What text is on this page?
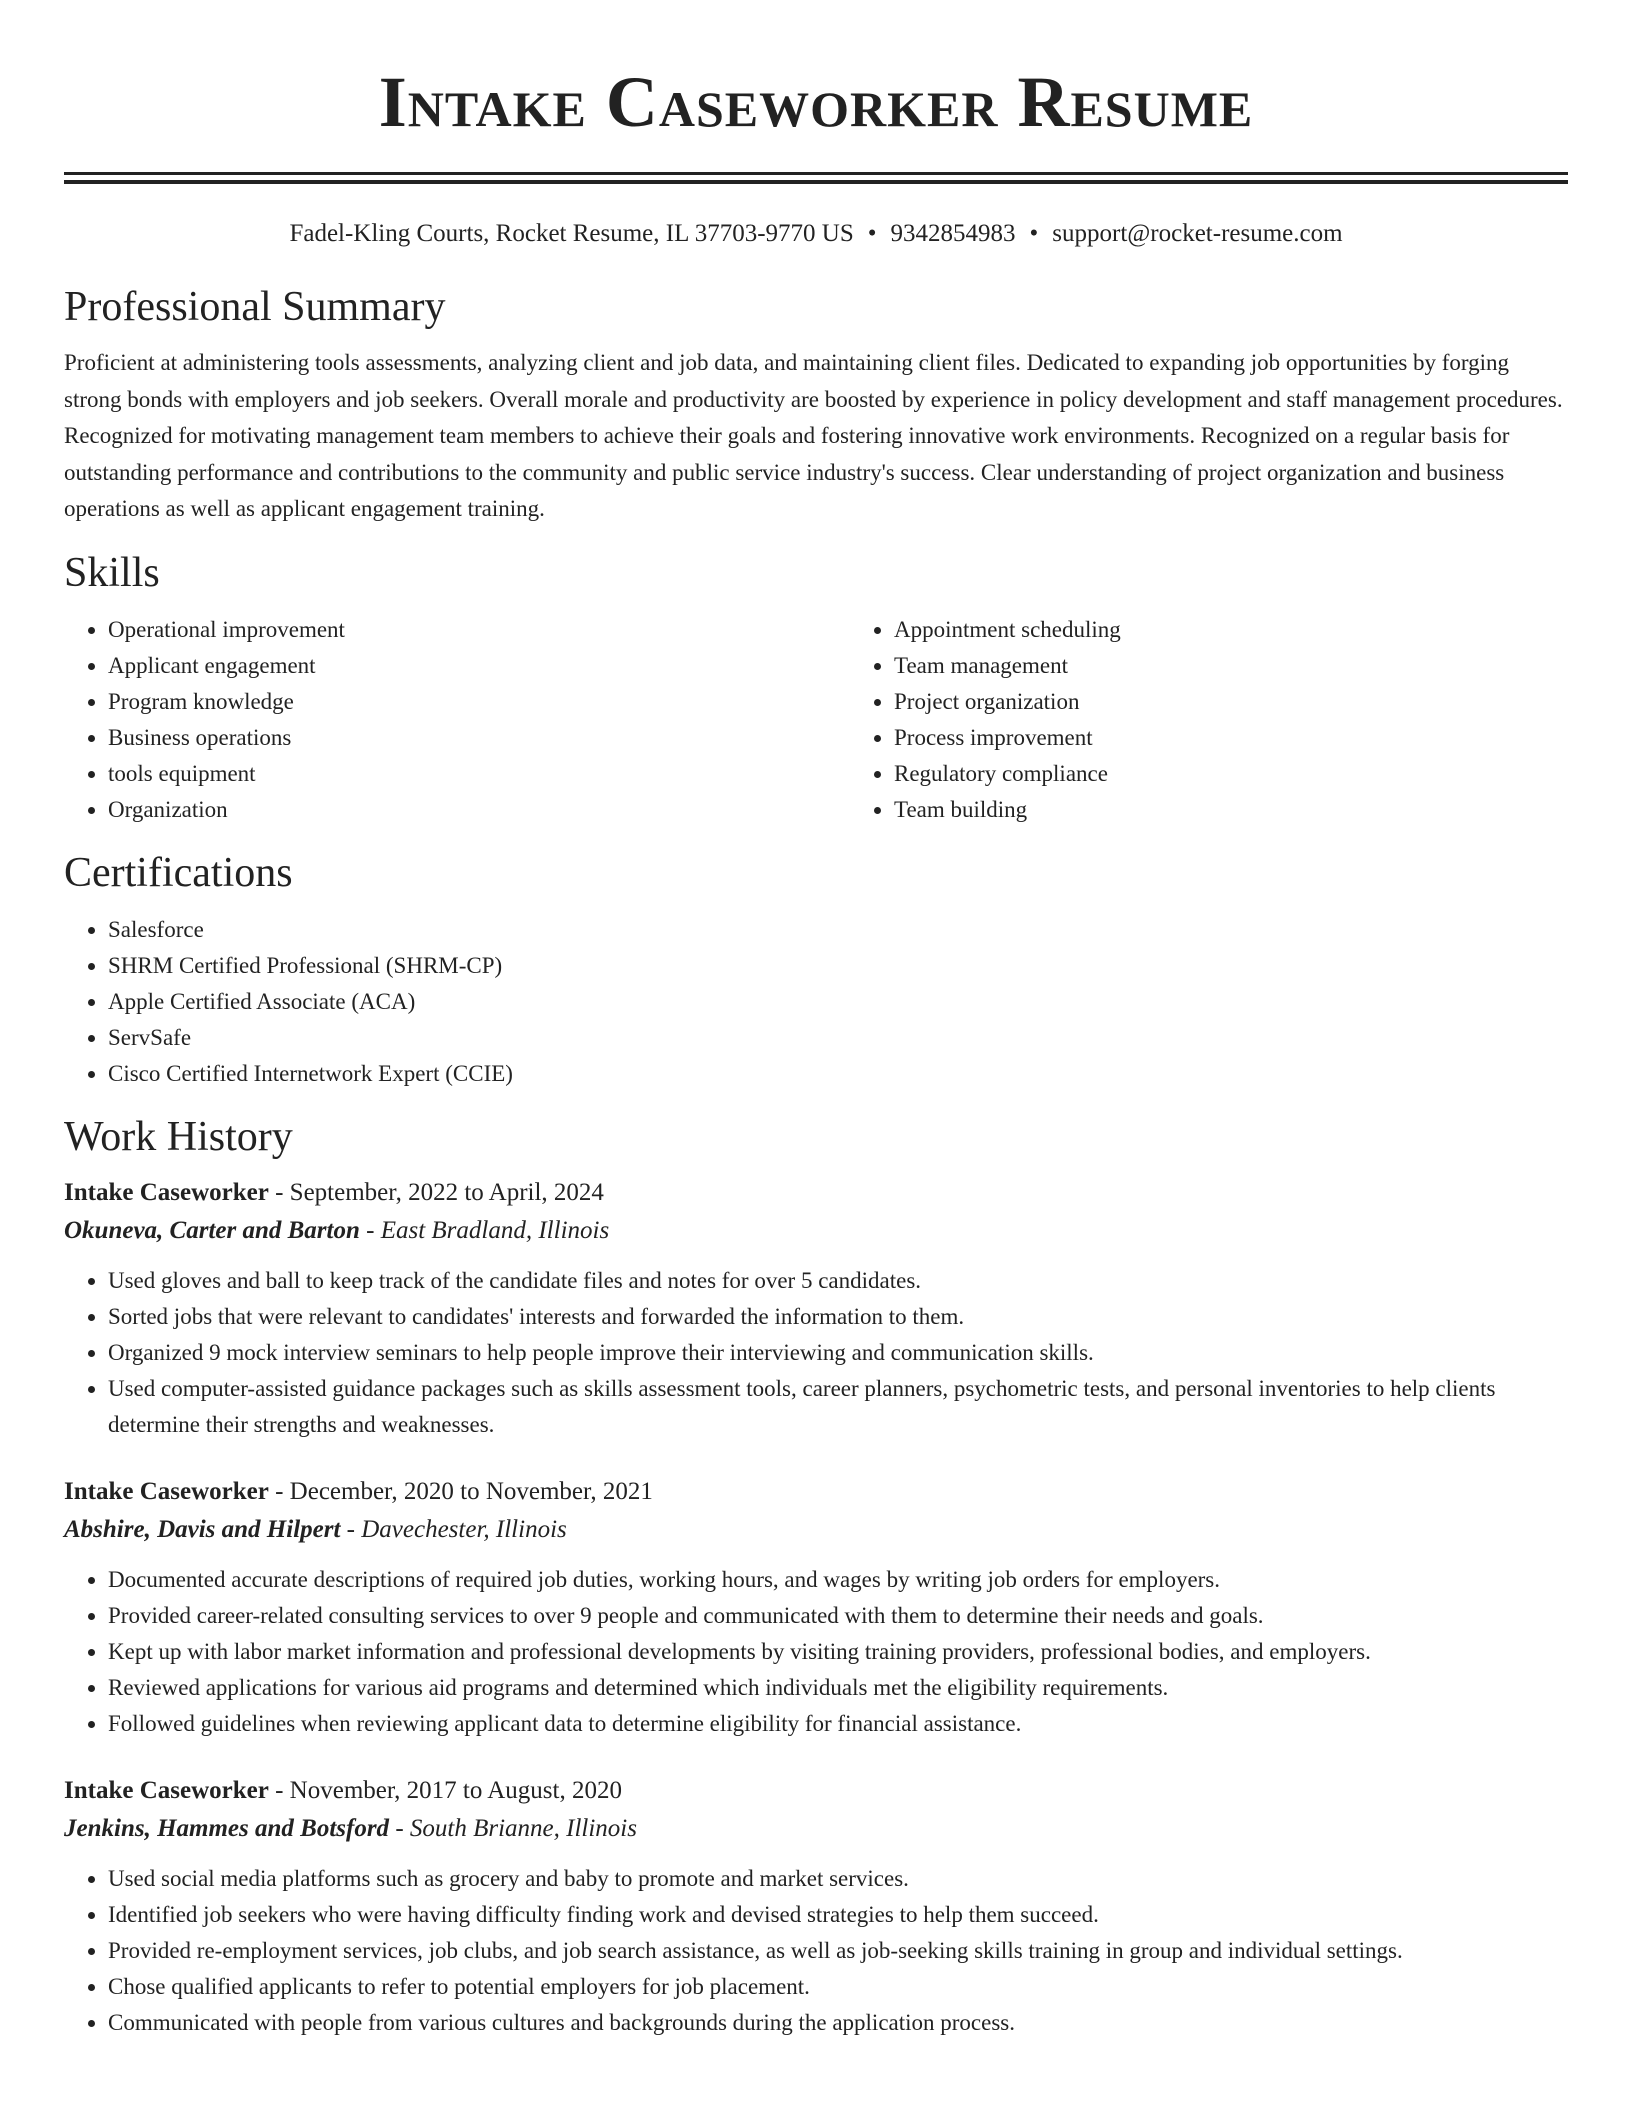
Intake Caseworker Resume
Fadel-Kling Courts, Rocket Resume, IL 37703-9770 US • 9342854983 • support@rocket-resume.com
Professional Summary

Proficient at administering tools assessments, analyzing client and job data, and maintaining client files. Dedicated to expanding job opportunities by forging strong bonds with employers and job seekers. Overall morale and productivity are boosted by experience in policy development and staff management procedures. Recognized for motivating management team members to achieve their goals and fostering innovative work environments. Recognized on a regular basis for outstanding performance and contributions to the community and public service industry's success. Clear understanding of project organization and business operations as well as applicant engagement training.

Skills
• Operational improvement
• Applicant engagement
• Program knowledge
• Business operations
• tools equipment
• Organization
• Appointment scheduling
• Team management
• Project organization
• Process improvement
• Regulatory compliance
• Team building
Certifications
• Salesforce
• SHRM Certified Professional (SHRM-CP)
• Apple Certified Associate (ACA)
• ServSafe
• Cisco Certified Internetwork Expert (CCIE)
Work History

Intake Caseworker - September, 2022 to April, 2024

Okuneva, Carter and Barton - East Bradland, Illinois

• Used gloves and ball to keep track of the candidate files and notes for over 5 candidates.
• Sorted jobs that were relevant to candidates' interests and forwarded the information to them.
• Organized 9 mock interview seminars to help people improve their interviewing and communication skills.
• Used computer-assisted guidance packages such as skills assessment tools, career planners, psychometric tests, and personal inventories to help clients determine their strengths and weaknesses.

Intake Caseworker - December, 2020 to November, 2021

Abshire, Davis and Hilpert - Davechester, Illinois

• Documented accurate descriptions of required job duties, working hours, and wages by writing job orders for employers.
• Provided career-related consulting services to over 9 people and communicated with them to determine their needs and goals.
• Kept up with labor market information and professional developments by visiting training providers, professional bodies, and employers.
• Reviewed applications for various aid programs and determined which individuals met the eligibility requirements.
• Followed guidelines when reviewing applicant data to determine eligibility for financial assistance.

Intake Caseworker - November, 2017 to August, 2020

Jenkins, Hammes and Botsford - South Brianne, Illinois

• Used social media platforms such as grocery and baby to promote and market services.
• Identified job seekers who were having difficulty finding work and devised strategies to help them succeed.
• Provided re-employment services, job clubs, and job search assistance, as well as job-seeking skills training in group and individual settings.
• Chose qualified applicants to refer to potential employers for job placement.
• Communicated with people from various cultures and backgrounds during the application process.
